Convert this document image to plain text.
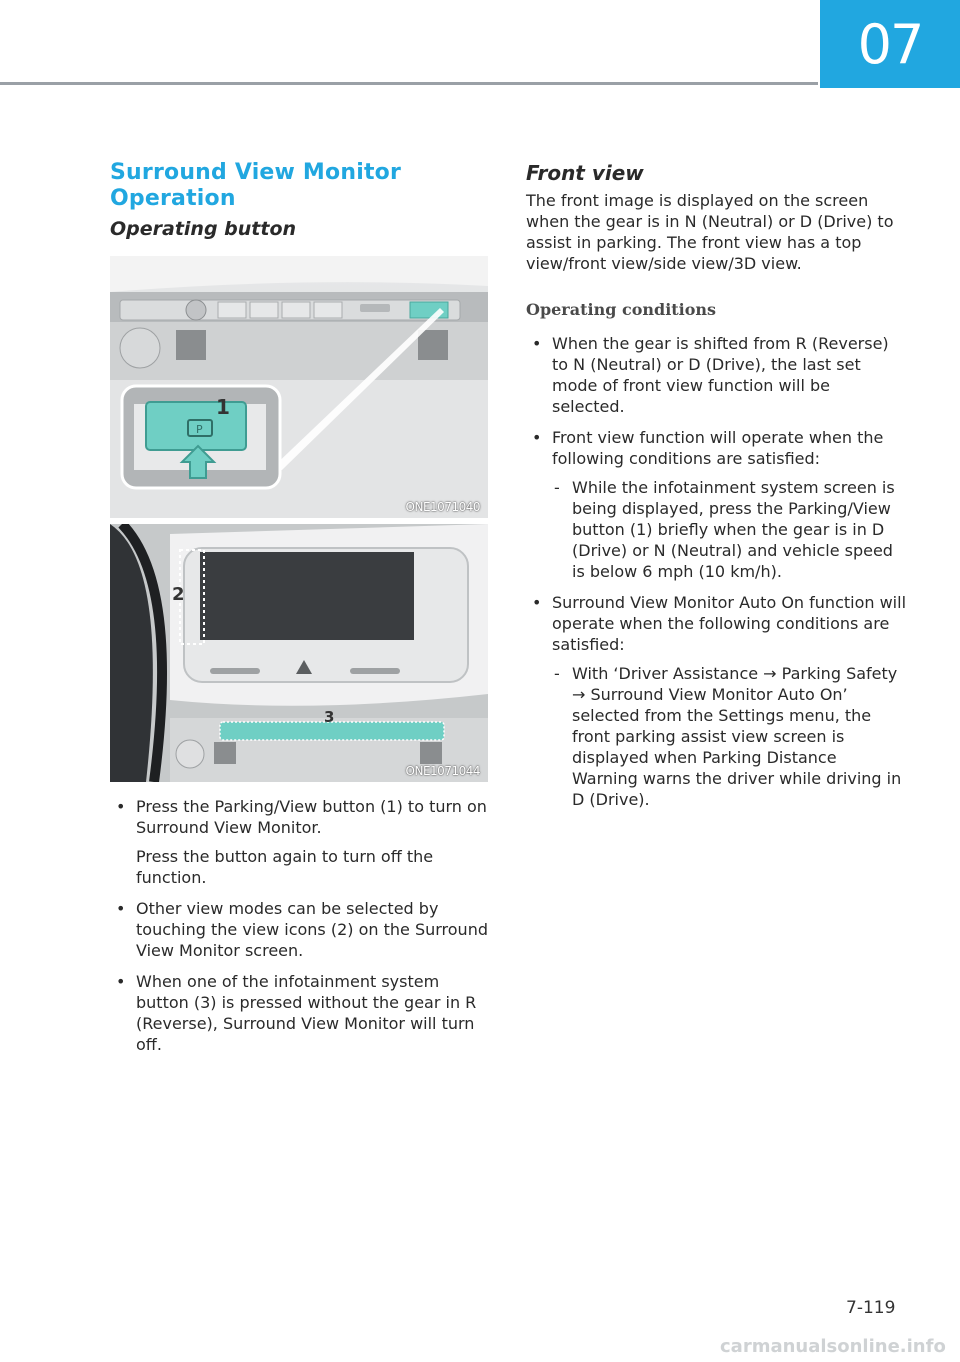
07
Surround View Monitor Operation
Operating button
P
1
ONE1071040
2
3
ONE1071044

• Press the Parking/View button (1) to turn on Surround View Monitor.

Press the button again to turn off the function.

• Other view modes can be selected by touching the view icons (2) on the Surround View Monitor screen.

• When one of the infotainment system button (3) is pressed without the gear in R (Reverse), Surround View Monitor will turn off.

Front view

The front image is displayed on the screen when the gear is in N (Neutral) or D (Drive) to assist in parking. The front view has a top view/front view/side view/3D view.

Operating conditions

• When the gear is shifted from R (Reverse) to N (Neutral) or D (Drive), the last set mode of front view function will be selected.

• Front view function will operate when the following conditions are satisfied:

- While the infotainment system screen is being displayed, press the Parking/View button (1) briefly when the gear is in D (Drive) or N (Neutral) and vehicle speed is below 6 mph (10 km/h).

• Surround View Monitor Auto On function will operate when the following conditions are satisfied:

- With ‘Driver Assistance → Parking Safety → Surround View Monitor Auto On’ selected from the Settings menu, the front parking assist view screen is displayed when Parking Distance Warning warns the driver while driving in D (Drive).
7-119
carmanualsonline.info
